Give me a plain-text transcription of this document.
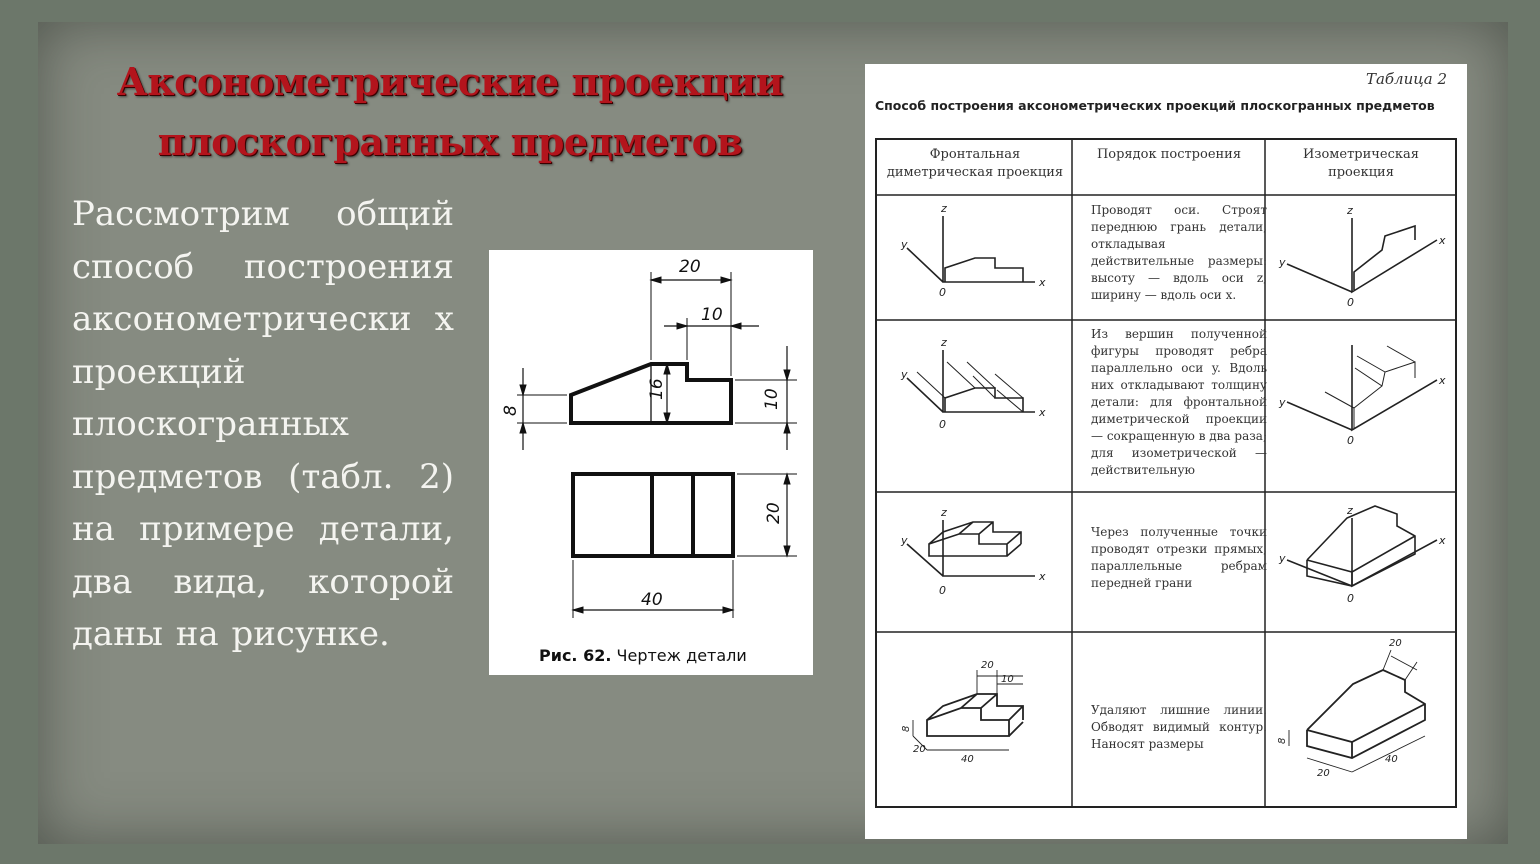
Аксонометрические проекции
плоскогранных предметов
Рассмотрим общий способ построения аксонометрически х проекций плоскогранных предметов (табл. 2) на примере детали, два вида, которой даны на рисунке.
20
10
8
16	10
20
40
Рис. 62. Чертеж детали
Таблица 2
Способ построения аксонометрических проекций плоскогранных предметов
z
y
x
0
z
y
x
0
z
y
x
0
y
x
0
z
y
x
0
z
y
x
0
20
10
8
20
40
20
8
20
40
Фронтальная диметрическая проекция
Порядок построения	Изометрическая проекция
Проводят оси. Строят переднюю грань детали, откладывая действительные размеры: высоту — вдоль оси z, ширину — вдоль оси x.
Из вершин полученной фигуры проводят ребра параллельно оси y. Вдоль них откладывают толщину детали: для фронтальной диметрической проекции — сокращенную в два раза; для изометрической — действительную
Через полученные точки проводят отрезки прямых, параллельные ребрам передней грани
Удаляют лишние линии. Обводят видимый контур. Наносят размеры
